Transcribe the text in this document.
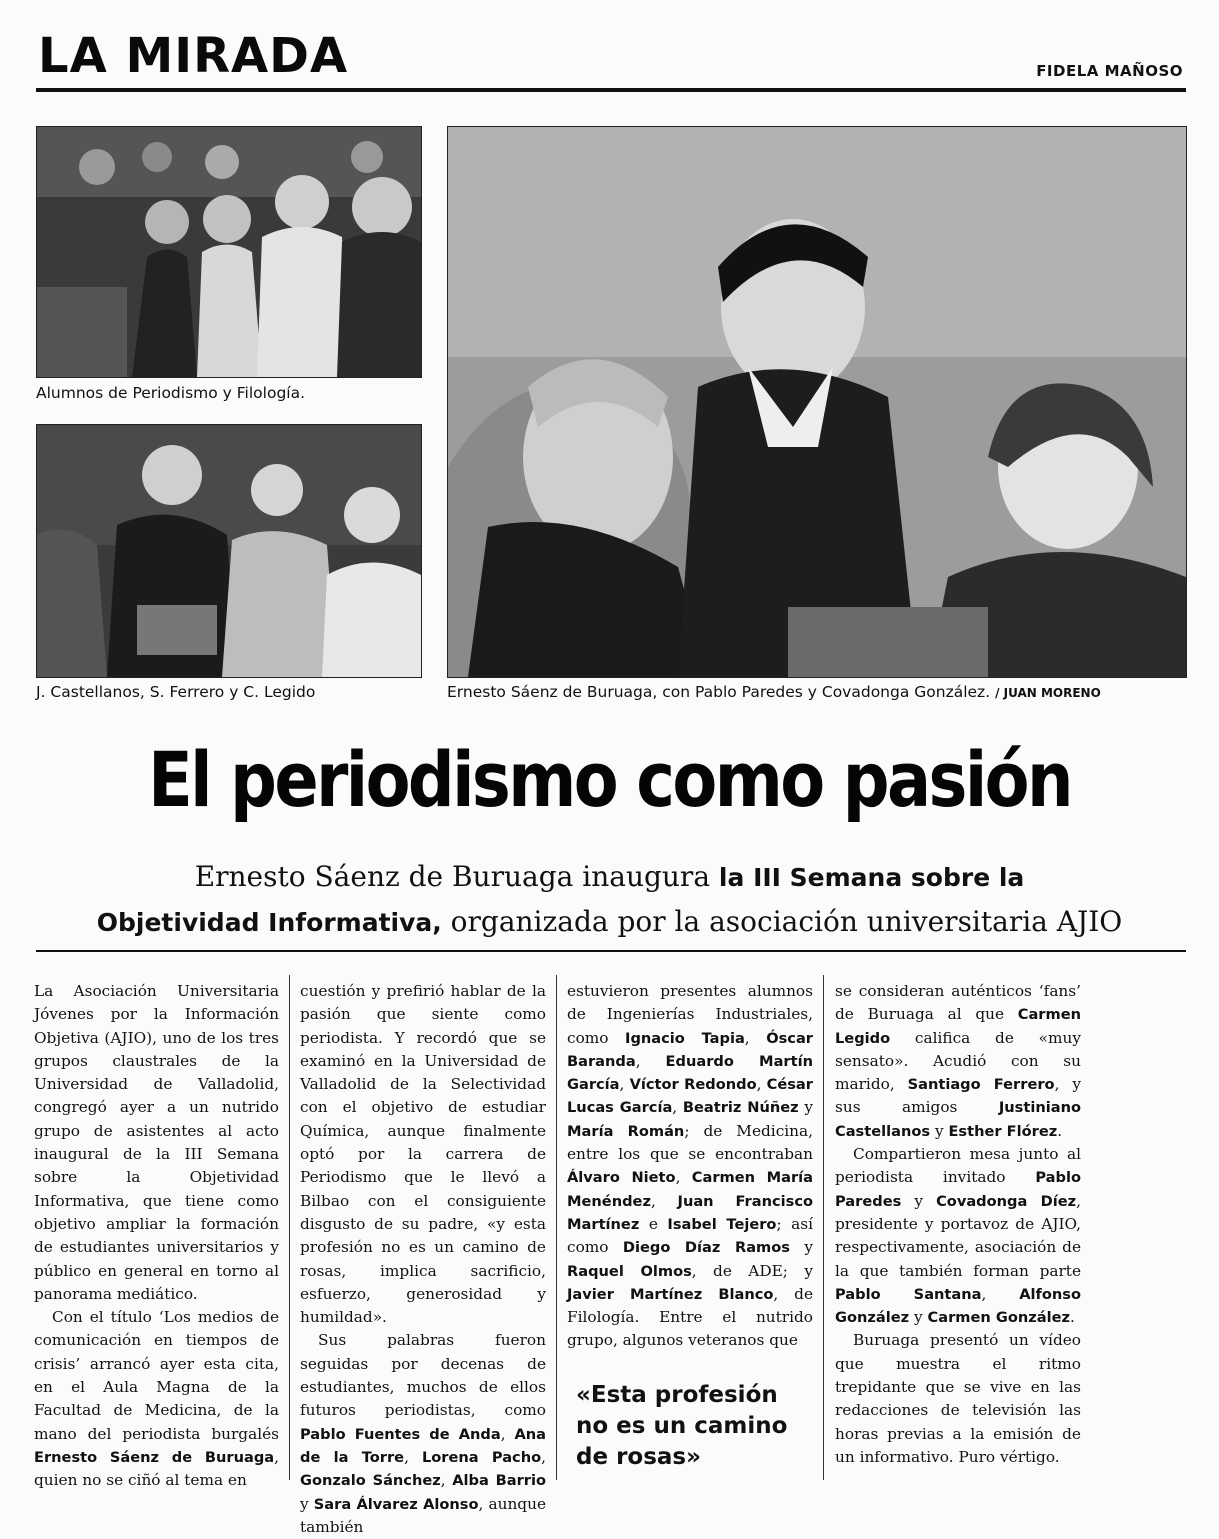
LA MIRADA	FIDELA MAÑOSO
Alumnos de Periodismo y Filología.
J. Castellanos, S. Ferrero y C. Legido	Ernesto Sáenz de Buruaga, con Pablo Paredes y Covadonga González. / JUAN MORENO
El periodismo como pasión
Ernesto Sáenz de Buruaga inaugura la III Semana sobre la
Objetividad Informativa, organizada por la asociación universitaria AJIO

La Asociación Universitaria Jóvenes por la Información Objetiva (AJIO), uno de los tres grupos claustrales de la Universidad de Valladolid, congregó ayer a un nutrido grupo de asistentes al acto inaugural de la III Semana sobre la Objetividad Informativa, que tiene como objetivo ampliar la formación de estudiantes universitarios y público en general en torno al panorama mediático.

Con el título ‘Los medios de comunicación en tiempos de crisis’ arrancó ayer esta cita, en el Aula Magna de la Facultad de Medicina, de la mano del periodista burgalés Ernesto Sáenz de Buruaga, quien no se ciñó al tema en

cuestión y prefirió hablar de la pasión que siente como periodista. Y recordó que se examinó en la Universidad de Valladolid de la Selectividad con el objetivo de estudiar Química, aunque finalmente optó por la carrera de Periodismo que le llevó a Bilbao con el consiguiente disgusto de su padre, «y esta profesión no es un camino de rosas, implica sacrificio, esfuerzo, generosidad y humildad».

Sus palabras fueron seguidas por decenas de estudiantes, muchos de ellos futuros periodistas, como Pablo Fuentes de Anda, Ana de la Torre, Lorena Pacho, Gonzalo Sánchez, Alba Barrio y Sara Álvarez Alonso, aunque también

estuvieron presentes alumnos de Ingenierías Industriales, como Ignacio Tapia, Óscar Baranda, Eduardo Martín García, Víctor Redondo, César Lucas García, Beatriz Núñez y María Román; de Medicina, entre los que se encontraban Álvaro Nieto, Carmen María Menéndez, Juan Francisco Martínez e Isabel Tejero; así como Diego Díaz Ramos y Raquel Olmos, de ADE; y Javier Martínez Blanco, de Filología. Entre el nutrido grupo, algunos veteranos que

«Esta profesión no es un camino de rosas»

se consideran auténticos ‘fans’ de Buruaga al que Carmen Legido califica de «muy sensato». Acudió con su marido, Santiago Ferrero, y sus amigos Justiniano Castellanos y Esther Flórez.

Compartieron mesa junto al periodista invitado Pablo Paredes y Covadonga Díez, presidente y portavoz de AJIO, respectivamente, asociación de la que también forman parte Pablo Santana, Alfonso González y Carmen González.

Buruaga presentó un vídeo que muestra el ritmo trepidante que se vive en las redacciones de televisión las horas previas a la emisión de un informativo. Puro vértigo.
